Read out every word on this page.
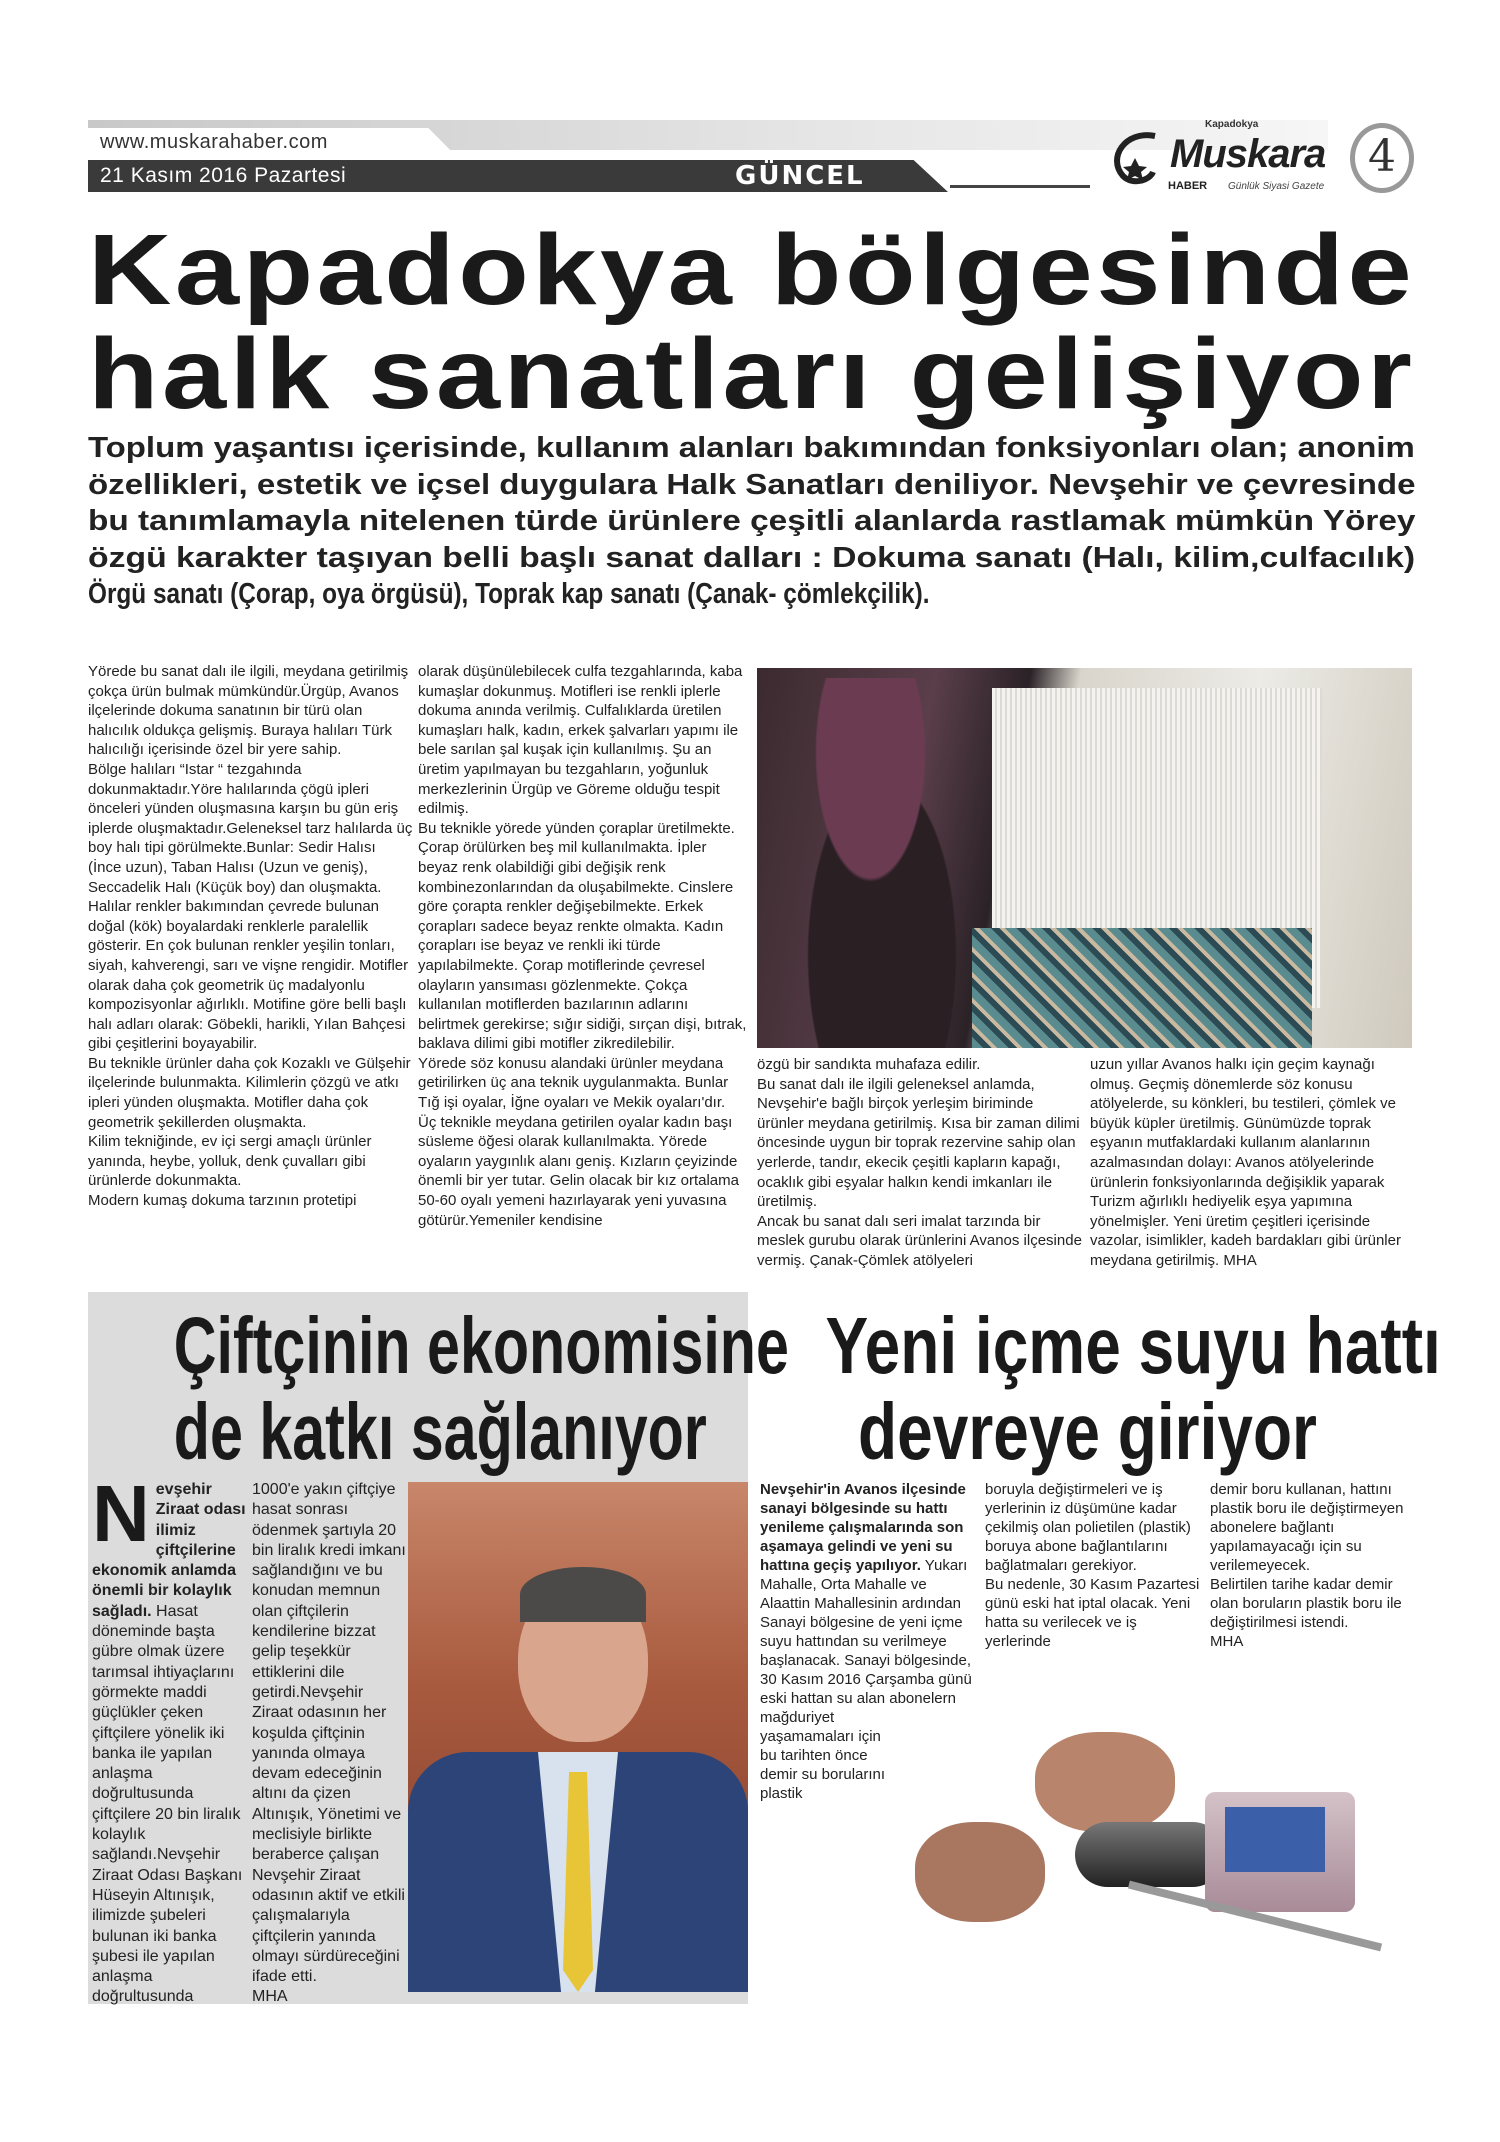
www.muskarahaber.com
21 Kasım 2016 Pazartesi	GÜNCEL
Kapadokya
Muskara
HABER Günlük Siyasi Gazete
4
Kapadokya bölgesinde
halk sanatları gelişiyor
Toplum yaşantısı içerisinde, kullanım alanları bakımından fonksiyonları olan; anonim özellikleri, estetik ve içsel duygulara Halk Sanatları deniliyor. Nevşehir ve çevresinde bu tanımlamayla nitelenen türde ürünlere çeşitli alanlarda rastlamak mümkün Yörey özgü karakter taşıyan belli başlı sanat dalları : Dokuma sanatı (Halı, kilim,culfacılık)
Örgü sanatı (Çorap, oya örgüsü), Toprak kap sanatı (Çanak- çömlekçilik).

Yörede bu sanat dalı ile ilgili, meydana getirilmiş çokça ürün bulmak mümkündür.Ürgüp, Avanos ilçelerinde dokuma sanatının bir türü olan halıcılık oldukça gelişmiş. Buraya halıları Türk halıcılığı içerisinde özel bir yere sahip.

Bölge halıları “Istar “ tezgahında dokunmaktadır.Yöre halılarında çögü ipleri önceleri yünden oluşmasına karşın bu gün eriş iplerde oluşmaktadır.Geleneksel tarz halılarda üç boy halı tipi görülmekte.Bunlar: Sedir Halısı (İnce uzun), Taban Halısı (Uzun ve geniş), Seccadelik Halı (Küçük boy) dan oluşmakta. Halılar renkler bakımından çevrede bulunan doğal (kök) boyalardaki renklerle paralellik gösterir. En çok bulunan renkler yeşilin tonları, siyah, kahverengi, sarı ve vişne rengidir. Motifler olarak daha çok geometrik üç madalyonlu kompozisyonlar ağırlıklı. Motifine göre belli başlı halı adları olarak: Göbekli, harikli, Yılan Bahçesi gibi çeşitlerini boyayabilir.

Bu teknikle ürünler daha çok Kozaklı ve Gülşehir ilçelerinde bulunmakta. Kilimlerin çözgü ve atkı ipleri yünden oluşmakta. Motifler daha çok geometrik şekillerden oluşmakta.

Kilim tekniğinde, ev içi sergi amaçlı ürünler yanında, heybe, yolluk, denk çuvalları gibi ürünlerde dokunmakta.

Modern kumaş dokuma tarzının protetipi

olarak düşünülebilecek culfa tezgahlarında, kaba kumaşlar dokunmuş. Motifleri ise renkli iplerle dokuma anında verilmiş. Culfalıklarda üretilen kumaşları halk, kadın, erkek şalvarları yapımı ile bele sarılan şal kuşak için kullanılmış. Şu an üretim yapılmayan bu tezgahların, yoğunluk merkezlerinin Ürgüp ve Göreme olduğu tespit edilmiş.

Bu teknikle yörede yünden çoraplar üretilmekte. Çorap örülürken beş mil kullanılmakta. İpler beyaz renk olabildiği gibi değişik renk kombinezonlarından da oluşabilmekte. Cinslere göre çorapta renkler değişebilmekte. Erkek çorapları sadece beyaz renkte olmakta. Kadın çorapları ise beyaz ve renkli iki türde yapılabilmekte. Çorap motiflerinde çevresel olayların yansıması gözlenmekte. Çokça kullanılan motiflerden bazılarının adlarını belirtmek gerekirse; sığır sidiği, sırçan dişi, bıtrak, baklava dilimi gibi motifler zikredilebilir.

Yörede söz konusu alandaki ürünler meydana getirilirken üç ana teknik uygulanmakta. Bunlar Tığ işi oyalar, İğne oyaları ve Mekik oyaları'dır.

Üç teknikle meydana getirilen oyalar kadın başı süsleme öğesi olarak kullanılmakta. Yörede oyaların yaygınlık alanı geniş. Kızların çeyizinde önemli bir yer tutar. Gelin olacak bir kız ortalama 50-60 oyalı yemeni hazırlayarak yeni yuvasına götürür.Yemeniler kendisine

özgü bir sandıkta muhafaza edilir.

Bu sanat dalı ile ilgili geleneksel anlamda, Nevşehir'e bağlı birçok yerleşim biriminde ürünler meydana getirilmiş. Kısa bir zaman dilimi öncesinde uygun bir toprak rezervine sahip olan yerlerde, tandır, ekecik çeşitli kapların kapağı, ocaklık gibi eşyalar halkın kendi imkanları ile üretilmiş.

Ancak bu sanat dalı seri imalat tarzında bir meslek gurubu olarak ürünlerini Avanos ilçesinde vermiş. Çanak-Çömlek atölyeleri

uzun yıllar Avanos halkı için geçim kaynağı olmuş. Geçmiş dönemlerde söz konusu atölyelerde, su könkleri, bu testileri, çömlek ve büyük küpler üretilmiş. Günümüzde toprak eşyanın mutfaklardaki kullanım alanlarının azalmasından dolayı: Avanos atölyelerinde ürünlerin fonksiyonlarında değişiklik yaparak Turizm ağırlıklı hediyelik eşya yapımına yönelmişler. Yeni üretim çeşitleri içerisinde vazolar, isimlikler, kadeh bardakları gibi ürünler meydana getirilmiş. MHA

Çiftçinin ekonomisine
de katkı sağlanıyor
Nevşehir Ziraat odası ilimiz çiftçilerine ekonomik anlamda önemli bir kolaylık sağladı. Hasat döneminde başta gübre olmak üzere tarımsal ihtiyaçlarını görmekte maddi güçlükler çeken çiftçilere yönelik iki banka ile yapılan anlaşma doğrultusunda çiftçilere 20 bin liralık kolaylık sağlandı.Nevşehir Ziraat Odası Başkanı Hüseyin Altınışık, ilimizde şubeleri bulunan iki banka şubesi ile yapılan anlaşma doğrultusunda

1000'e yakın çiftçiye hasat sonrası ödenmek şartıyla 20 bin liralık kredi imkanı sağlandığını ve bu konudan memnun olan çiftçilerin kendilerine bizzat gelip teşekkür ettiklerini dile getirdi.Nevşehir Ziraat odasının her koşulda çiftçinin yanında olmaya devam edeceğinin altını da çizen Altınışık, Yönetimi ve meclisiyle birlikte beraberce çalışan Nevşehir Ziraat odasının aktif ve etkili çalışmalarıyla çiftçilerin yanında olmayı sürdüreceğini ifade etti.

MHA

Yeni içme suyu hattı
devreye giriyor
Nevşehir'in Avanos ilçesinde sanayi bölgesinde su hattı yenileme çalışmalarında son aşamaya gelindi ve yeni su hattına geçiş yapılıyor. Yukarı Mahalle, Orta Mahalle ve Alaattin Mahallesinin ardından Sanayi bölgesine de yeni içme suyu hattından su verilmeye başlanacak. Sanayi bölgesinde, 30 Kasım 2016 Çarşamba günü eski hattan su alan abonelern mağduriyet yaşamamaları için bu tarihten önce demir su borularını plastik

boruyla değiştirmeleri ve iş yerlerinin iz düşümüne kadar çekilmiş olan polietilen (plastik) boruya abone bağlantılarını bağlatmaları gerekiyor.

Bu nedenle, 30 Kasım Pazartesi günü eski hat iptal olacak. Yeni hatta su verilecek ve iş yerlerinde

demir boru kullanan, hattını plastik boru ile değiştirmeyen abonelere bağlantı yapılamayacağı için su verilemeyecek.

Belirtilen tarihe kadar demir olan boruların plastik boru ile değiştirilmesi istendi.

MHA
